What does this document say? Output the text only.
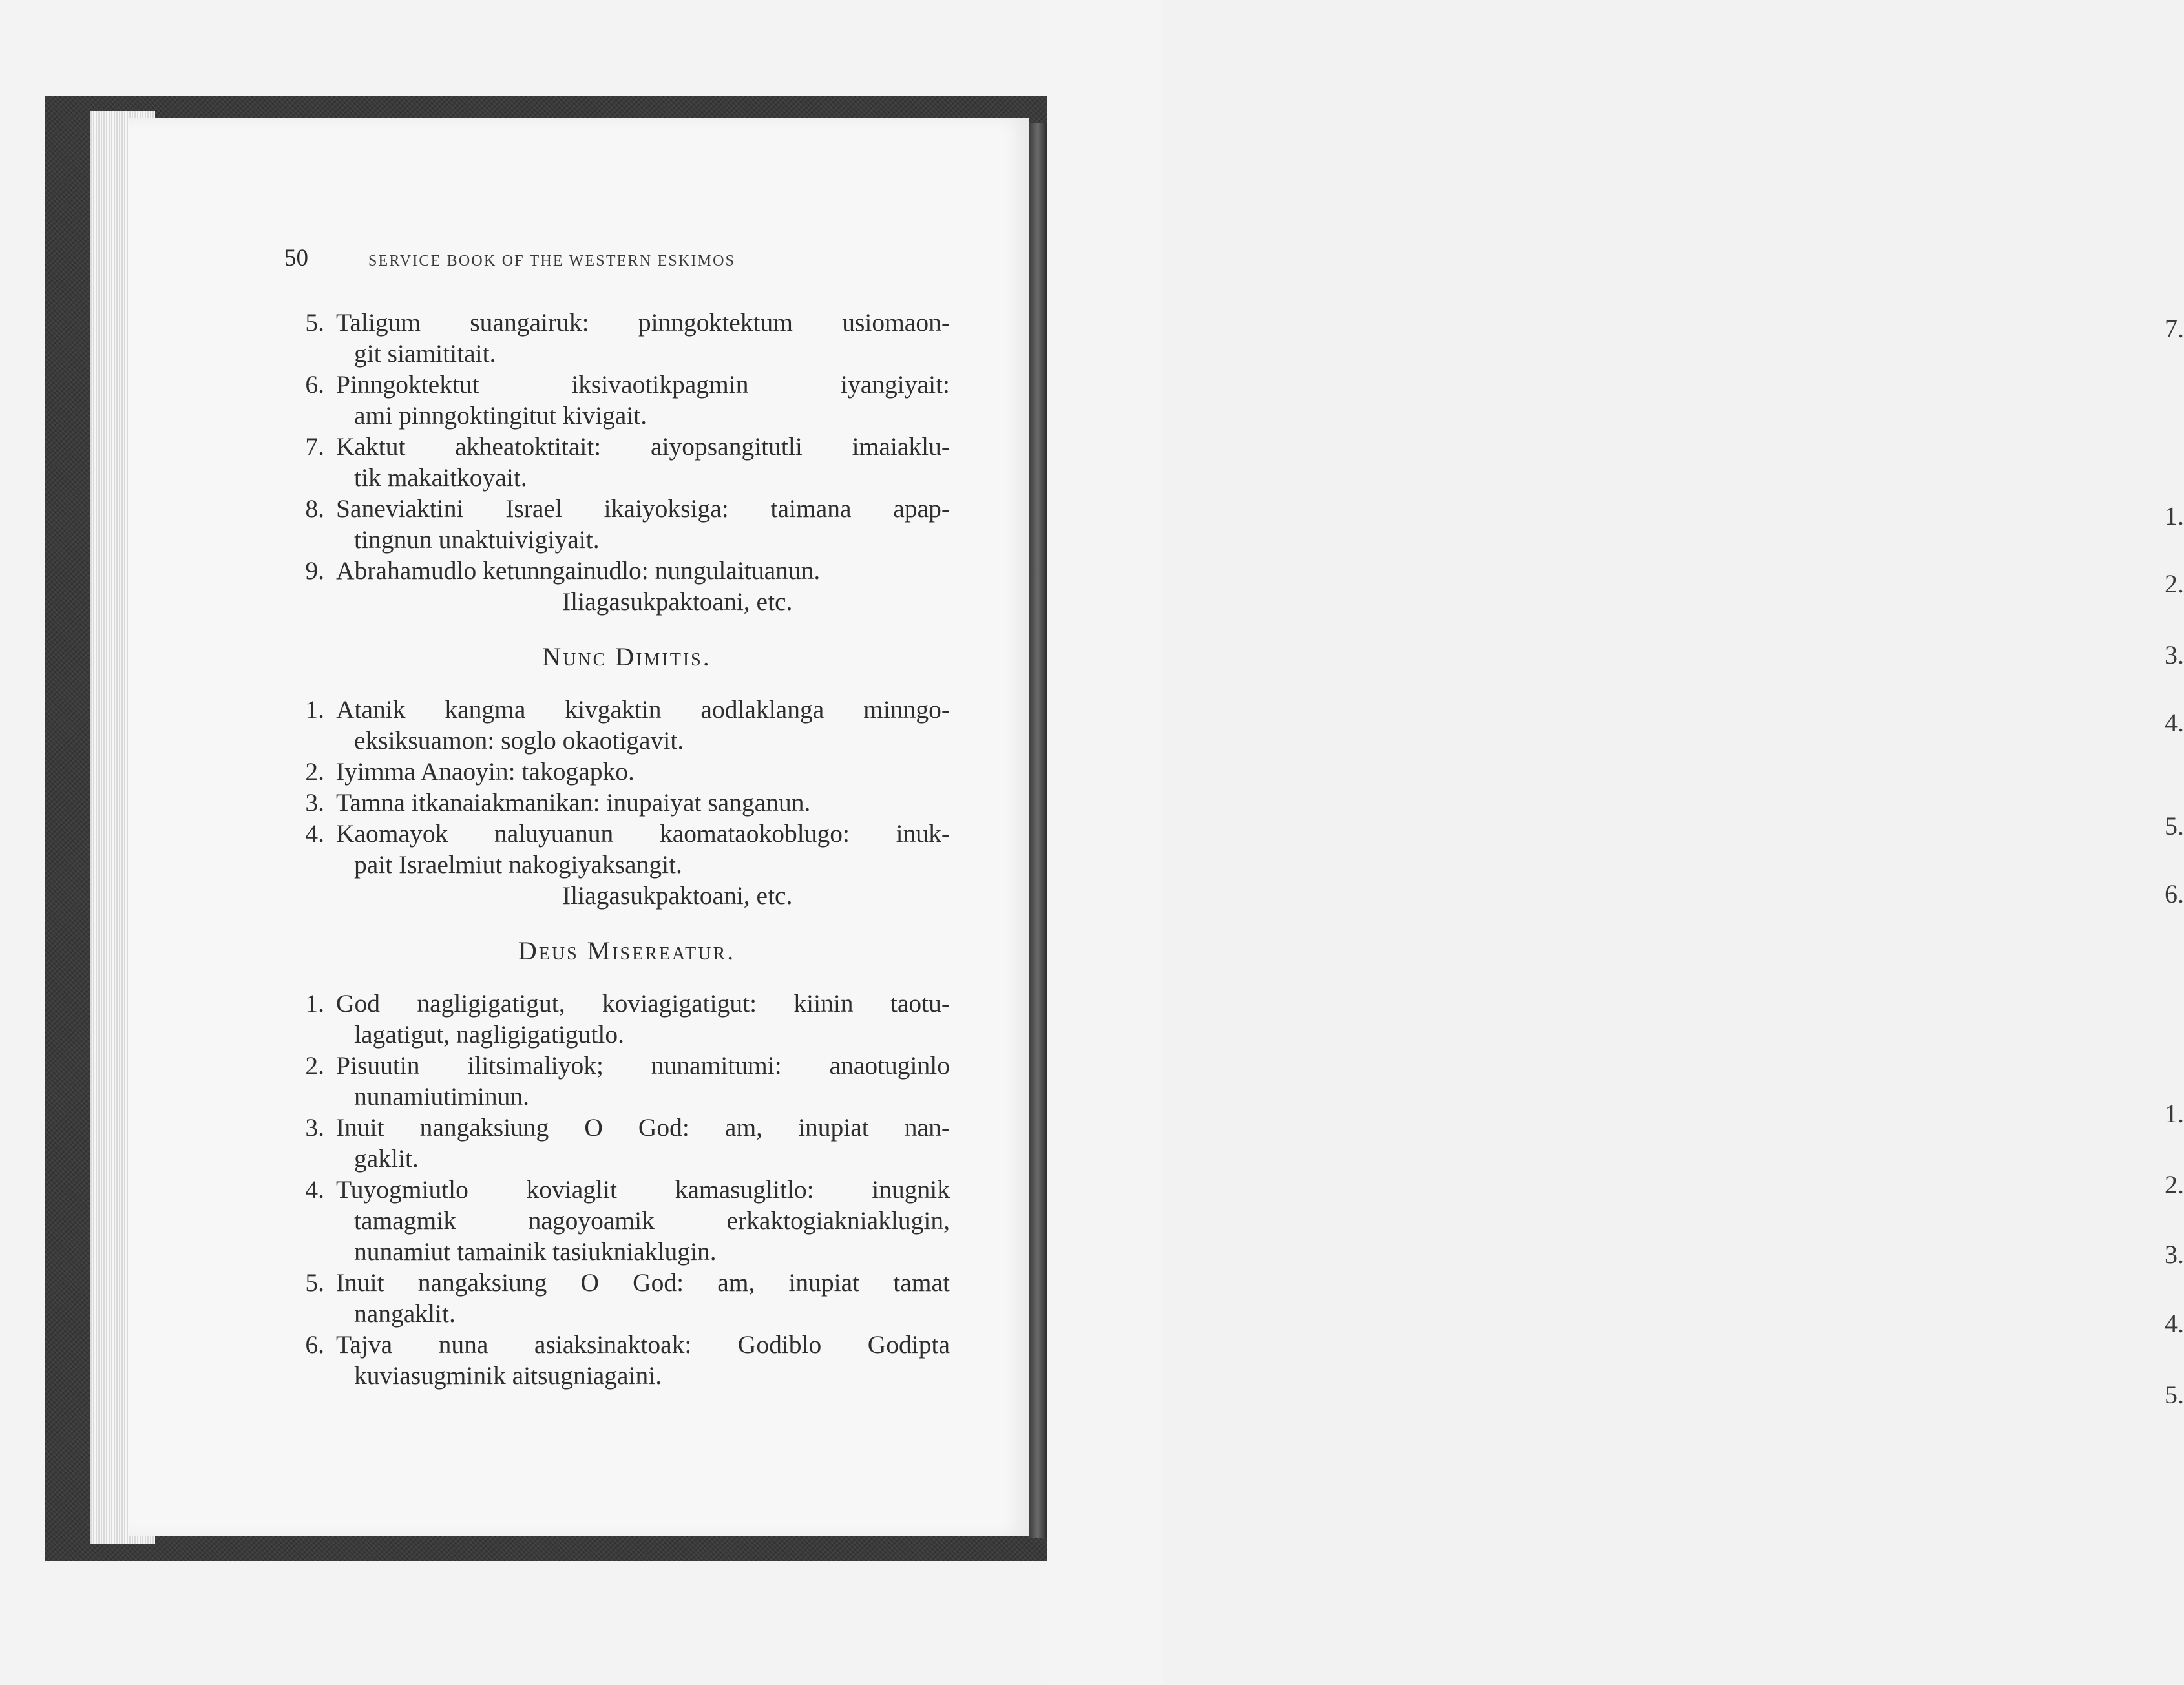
7.
1.
2.
3.
4.
5.
6.
1.
2.
3.
4.
5.
50	SERVICE BOOK OF THE WESTERN ESKIMOS
5. Taligum suangairuk: pinngoktektum usiomaon-
git siamititait.
6. Pinngoktektut iksivaotikpagmin iyangiyait:
ami pinngoktingitut kivigait.
7. Kaktut akheatoktitait: aiyopsangitutli imaiaklu-
tik makaitkoyait.
8. Saneviaktini Israel ikaiyoksiga: taimana apap-
tingnun unaktuivigiyait.
9. Abrahamudlo ketunngainudlo: nungulaituanun.

Iliagasukpaktoani, etc.

Nunc Dimitis.
1. Atanik kangma kivgaktin aodlaklanga minngo-
eksiksuamon: soglo okaotigavit.
2. Iyimma Anaoyin: takogapko.
3. Tamna itkanaiakmanikan: inupaiyat sanganun.
4. Kaomayok naluyuanun kaomataokoblugo: inuk-
pait Israelmiut nakogiyaksangit.

Iliagasukpaktoani, etc.

Deus Misereatur.
1. God nagligigatigut, koviagigatigut: kiinin taotu-
lagatigut, nagligigatigutlo.
2. Pisuutin ilitsimaliyok; nunamitumi: anaotuginlo
nunamiutiminun.
3. Inuit nangaksiung O God: am, inupiat nan-
gaklit.
4. Tuyogmiutlo koviaglit kamasuglitlo: inugnik
tamagmik nagoyoamik erkaktogiakniaklugin,
nunamiut tamainik tasiukniaklugin.
5. Inuit nangaksiung O God: am, inupiat tamat
nangaklit.
6. Tajva nuna asiaksinaktoak: Godiblo Godipta
kuviasugminik aitsugniagaini.
